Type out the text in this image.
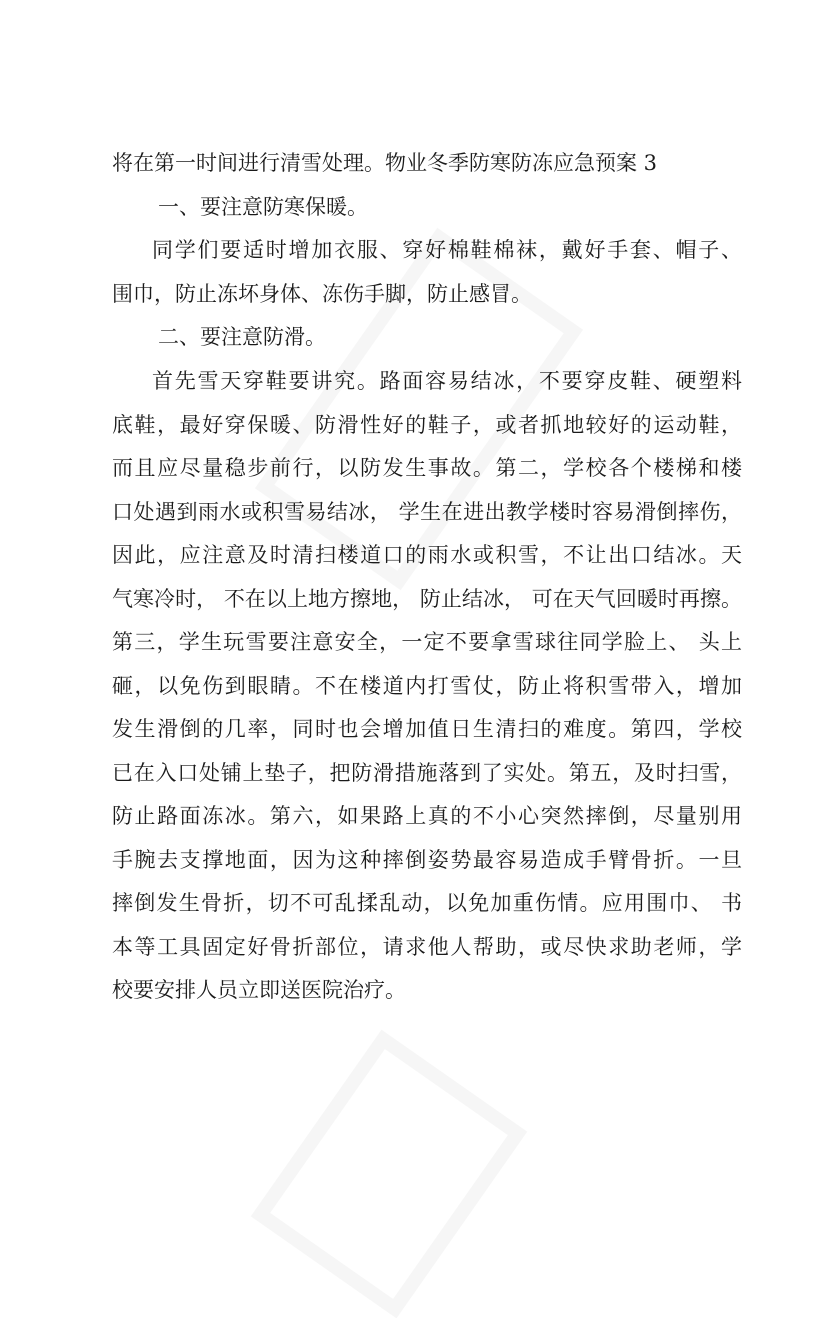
将在第一时间进行清雪处理。物业冬季防寒防冻应急预案 3
一、要注意防寒保暖。
同学们要适时增加衣服、穿好棉鞋棉袜，戴好手套、帽子、
围巾，防止冻坏身体、冻伤手脚，防止感冒。
二、要注意防滑。
首先雪天穿鞋要讲究。路面容易结冰，不要穿皮鞋、硬塑料
底鞋，最好穿保暖、防滑性好的鞋子，或者抓地较好的运动鞋，
而且应尽量稳步前行，以防发生事故。第二，学校各个楼梯和楼
口处遇到雨水或积雪易结冰， 学生在进出教学楼时容易滑倒摔伤，
因此，应注意及时清扫楼道口的雨水或积雪，不让出口结冰。天
气寒冷时， 不在以上地方擦地， 防止结冰， 可在天气回暖时再擦。
第三，学生玩雪要注意安全，一定不要拿雪球往同学脸上、 头上
砸，以免伤到眼睛。不在楼道内打雪仗，防止将积雪带入，增加
发生滑倒的几率，同时也会增加值日生清扫的难度。第四，学校
已在入口处铺上垫子，把防滑措施落到了实处。第五，及时扫雪，
防止路面冻冰。第六，如果路上真的不小心突然摔倒，尽量别用
手腕去支撑地面，因为这种摔倒姿势最容易造成手臂骨折。一旦
摔倒发生骨折，切不可乱揉乱动，以免加重伤情。应用围巾、 书
本等工具固定好骨折部位，请求他人帮助，或尽快求助老师，学
校要安排人员立即送医院治疗。
